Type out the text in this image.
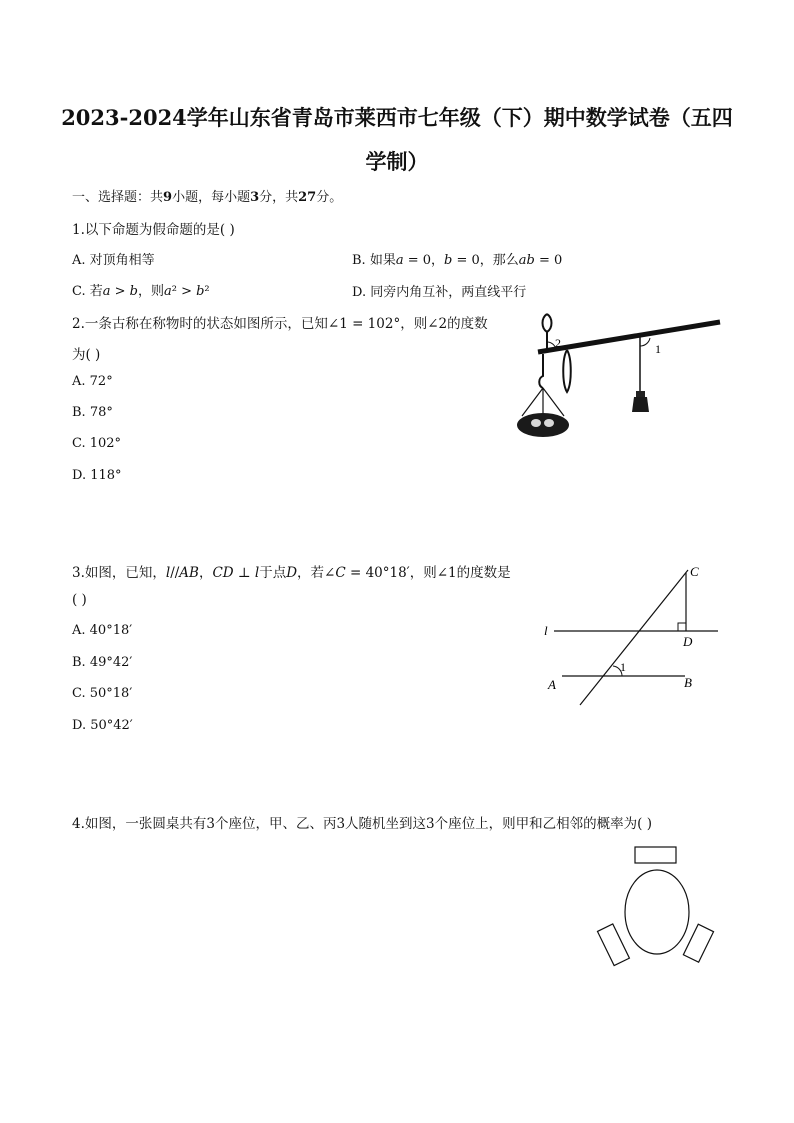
2023-2024学年山东省青岛市莱西市七年级（下）期中数学试卷（五四学制）
一、选择题：共9小题，每小题3分，共27分。
1.以下命题为假命题的是( )
A. 对顶角相等	B. 如果𝑎 = 0，𝑏 = 0，那么𝑎𝑏 = 0
C. 若𝑎 > 𝑏，则𝑎² > 𝑏²	D. 同旁内角互补，两直线平行
2.一条古称在称物时的状态如图所示，已知∠1 = 102°，则∠2的度数
为( )
A. 72°
B. 78°
C. 102°
D. 118°
2	1
3.如图，已知，𝑙//𝐴𝐵，𝐶𝐷 ⊥ 𝑙于点𝐷，若∠𝐶 = 40°18′，则∠1的度数是
( )
A. 40°18′
B. 49°42′
C. 50°18′
D. 50°42′
C
D
l
A	B
1
4.如图，一张圆桌共有3个座位，甲、乙、丙3人随机坐到这3个座位上，则甲和乙相邻的概率为( )
